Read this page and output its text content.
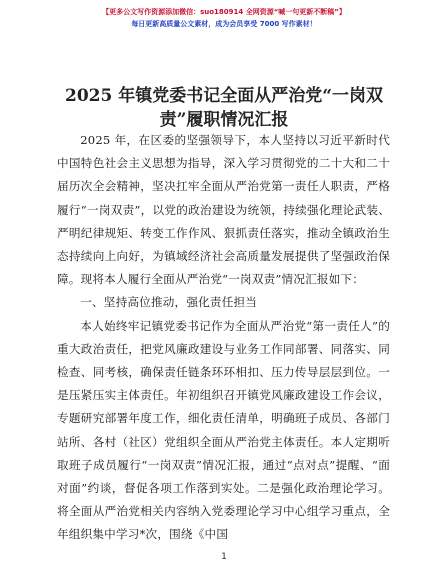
【更多公文写作资源添加微信：suo180914 全网资源“喊一句更新不断稿”】
每日更新高质量公文素材，成为会员享受 7000 写作素材！
2025 年镇党委书记全面从严治党“一岗双
责”履职情况汇报

2025 年，在区委的坚强领导下，本人坚持以习近平新时代中国特色社会主义思想为指导，深入学习贯彻党的二十大和二十届历次全会精神，坚决扛牢全面从严治党第一责任人职责，严格履行“一岗双责”，以党的政治建设为统领，持续强化理论武装、严明纪律规矩、转变工作作风、狠抓责任落实，推动全镇政治生态持续向上向好，为镇域经济社会高质量发展提供了坚强政治保障。现将本人履行全面从严治党“一岗双责”情况汇报如下：

一、坚持高位推动，强化责任担当

本人始终牢记镇党委书记作为全面从严治党“第一责任人”的重大政治责任，把党风廉政建设与业务工作同部署、同落实、同检查、同考核，确保责任链条环环相扣、压力传导层层到位。一是压紧压实主体责任。年初组织召开镇党风廉政建设工作会议，专题研究部署年度工作，细化责任清单，明确班子成员、各部门站所、各村（社区）党组织全面从严治党主体责任。本人定期听取班子成员履行“一岗双责”情况汇报，通过“点对点”提醒、“面对面”约谈，督促各项工作落到实处。二是强化政治理论学习。将全面从严治党相关内容纳入党委理论学习中心组学习重点，全年组织集中学习*次，围绕《中国

1
